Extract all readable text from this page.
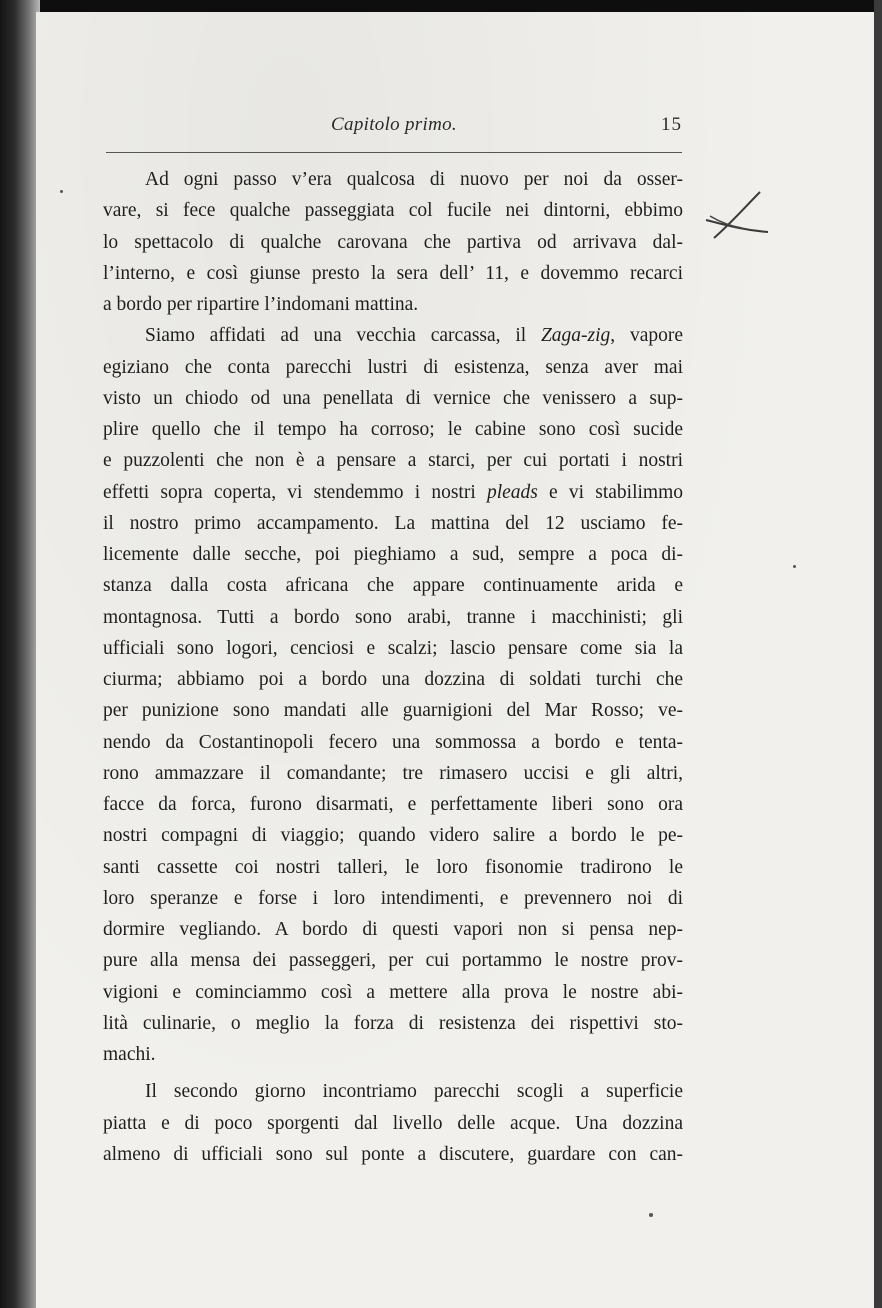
Capitolo primo.	15
Ad ogni passo v’era qualcosa di nuovo per noi da osser-
vare, si fece qualche passeggiata col fucile nei dintorni, ebbimo
lo spettacolo di qualche carovana che partiva od arrivava dal-
l’interno, e così giunse presto la sera dell’ 11, e dovemmo recarci
a bordo per ripartire l’indomani mattina.
Siamo affidati ad una vecchia carcassa, il Zaga-zig, vapore
egiziano che conta parecchi lustri di esistenza, senza aver mai
visto un chiodo od una penellata di vernice che venissero a sup-
plire quello che il tempo ha corroso; le cabine sono così sucide
e puzzolenti che non è a pensare a starci, per cui portati i nostri
effetti sopra coperta, vi stendemmo i nostri pleads e vi stabilimmo
il nostro primo accampamento. La mattina del 12 usciamo fe-
licemente dalle secche, poi pieghiamo a sud, sempre a poca di-
stanza dalla costa africana che appare continuamente arida e
montagnosa. Tutti a bordo sono arabi, tranne i macchinisti; gli
ufficiali sono logori, cenciosi e scalzi; lascio pensare come sia la
ciurma; abbiamo poi a bordo una dozzina di soldati turchi che
per punizione sono mandati alle guarnigioni del Mar Rosso; ve-
nendo da Costantinopoli fecero una sommossa a bordo e tenta-
rono ammazzare il comandante; tre rimasero uccisi e gli altri,
facce da forca, furono disarmati, e perfettamente liberi sono ora
nostri compagni di viaggio; quando videro salire a bordo le pe-
santi cassette coi nostri talleri, le loro fisonomie tradirono le
loro speranze e forse i loro intendimenti, e prevennero noi di
dormire vegliando. A bordo di questi vapori non si pensa nep-
pure alla mensa dei passeggeri, per cui portammo le nostre prov-
vigioni e cominciammo così a mettere alla prova le nostre abi-
lità culinarie, o meglio la forza di resistenza dei rispettivi sto-
machi.
Il secondo giorno incontriamo parecchi scogli a superficie
piatta e di poco sporgenti dal livello delle acque. Una dozzina
almeno di ufficiali sono sul ponte a discutere, guardare con can-
